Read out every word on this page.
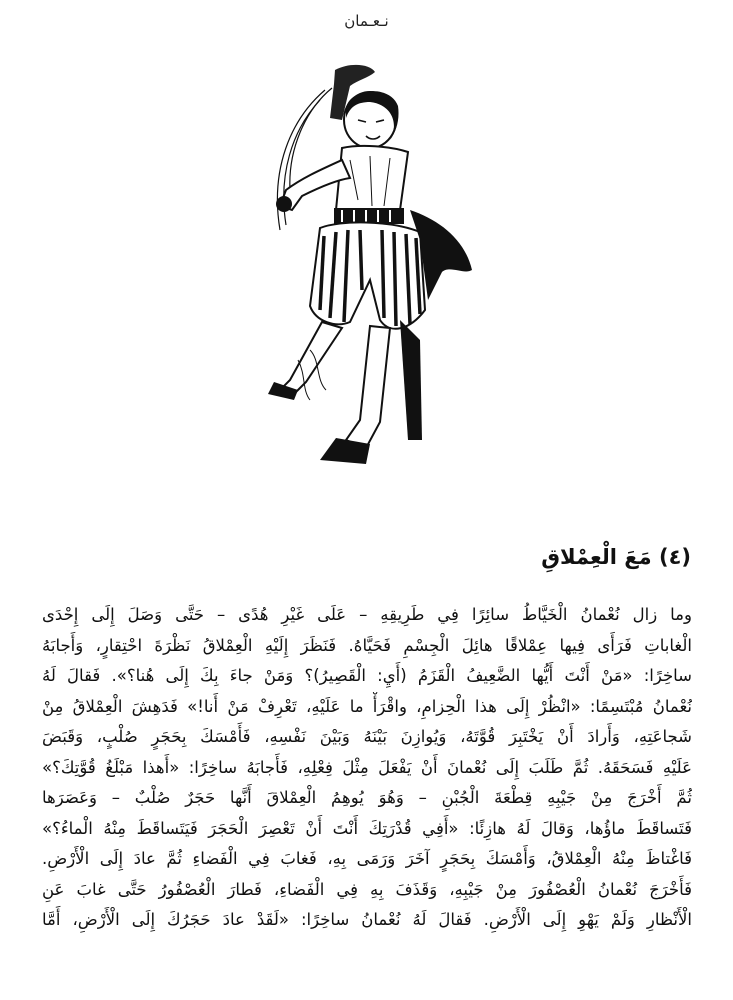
نـعـمان
(٤) مَعَ الْعِمْلاقِ
وما زال نُعْمانُ الْخَيَّاطُ سائِرًا فِي طَرِيقِهِ – عَلَى غَيْرِ هُدًى – حَتَّى وَصَلَ إِلَى إِحْدَى
الْغاباتِ فَرَأَى فِيها عِمْلاقًا هائِلَ الْجِسْمِ فَحَيَّاهُ. فَنَظَرَ إِلَيْهِ الْعِمْلاقُ نَظْرَةَ احْتِقارٍ، وَأَجابَهُ
ساخِرًا: «مَنْ أَنْتَ أَيُّها الضَّعِيفُ الْقَزَمُ (أَيِ: الْقَصِيرُ)؟ وَمَنْ جاءَ بِكَ إِلَى هُنا؟». فَقالَ لَهُ
نُعْمانُ مُبْتَسِمًا: «انْظُرْ إِلَى هذا الْحِزامِ، واقْرَأْ ما عَلَيْهِ، تَعْرِفْ مَنْ أَنا!» فَدَهِشَ الْعِمْلاقُ مِنْ
شَجاعَتِهِ، وَأَرادَ أَنْ يَخْتَبِرَ قُوَّتَهُ، وَيُوازِنَ بَيْنَهُ وَبَيْنَ نَفْسِهِ، فَأَمْسَكَ بِحَجَرٍ صُلْبٍ، وَقَبَضَ
عَلَيْهِ فَسَحَقَهُ. ثُمَّ طَلَبَ إِلَى نُعْمانَ أَنْ يَفْعَلَ مِثْلَ فِعْلِهِ، فَأَجابَهُ ساخِرًا: «أَهذا مَبْلَغُ قُوَّتِكَ؟»
ثُمَّ أَخْرَجَ مِنْ جَيْبِهِ قِطْعَةَ الْجُبْنِ – وَهُوَ يُوهِمُ الْعِمْلاقَ أَنَّها حَجَرٌ صُلْبٌ – وَعَصَرَها
فَتَساقَطَ ماؤُها، وَقالَ لَهُ هازِئًا: «أَفِي قُدْرَتِكَ أَنْتَ أَنْ تَعْصِرَ الْحَجَرَ فَيَتَساقَطَ مِنْهُ الْماءُ؟»
فَاغْتاظَ مِنْهُ الْعِمْلاقُ، وَأَمْسَكَ بِحَجَرٍ آخَرَ وَرَمَى بِهِ، فَغابَ فِي الْفَضاءِ ثُمَّ عادَ إِلَى الْأَرْضِ.
فَأَخْرَجَ نُعْمانُ الْعُصْفُورَ مِنْ جَيْبِهِ، وَقَذَفَ بِهِ فِي الْفَضاءِ، فَطارَ الْعُصْفُورُ حَتَّى غابَ عَنِ
الْأَنْظارِ وَلَمْ يَهْوِ إِلَى الْأَرْضِ. فَقالَ لَهُ نُعْمانُ ساخِرًا: «لَقَدْ عادَ حَجَرُكَ إِلَى الْأَرْضِ، أَمَّا
